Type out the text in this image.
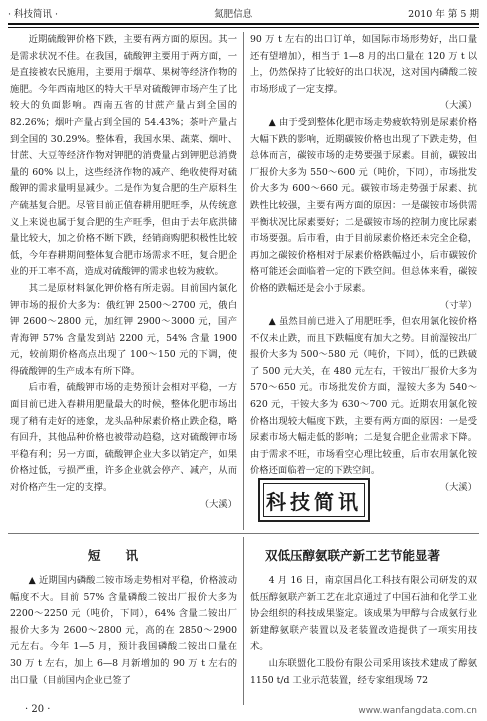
· 科技简讯 ·	氮肥信息	2010 年 第 5 期

近期硫酸钾价格下跌，主要有两方面的原因。其一是需求状况不佳。在我国，硫酸钾主要用于两方面，一是直接被农民施用，主要用于烟草、果树等经济作物的施肥。今年西南地区的特大干旱对硫酸钾市场产生了比较大的负面影响。西南五省的甘蔗产量占到全国的 82.26%；烟叶产量占到全国的 54.43%；茶叶产量占到全国的 30.29%。整体看，我国水果、蔬菜、烟叶、甘蔗、大豆等经济作物对钾肥的消费量占到钾肥总消费量的 60% 以上，这些经济作物的减产、绝收使得对硫酸钾的需求量明显减少。二是作为复合肥的生产原料生产硫基复合肥。尽管目前正值春耕用肥旺季，从传统意义上来说也属于复合肥的生产旺季，但由于去年底洪储量比较大，加之价格不断下跌，经销商购肥积极性比较低，今年春耕期间整体复合肥市场需求不旺，复合肥企业的开工率不高，造成对硫酸钾的需求也较为疲软。

其二是原材料氯化钾价格有所走弱。目前国内氯化钾市场的报价大多为：俄红钾 2500～2700 元，俄白钾 2600～2800 元，加红钾 2900～3000 元，国产青海钾 57% 含量发到站 2200 元，54% 含量 1900 元，较前期价格高点出现了 100～150 元的下调，使得硫酸钾的生产成本有所下降。

后市看，硫酸钾市场的走势预计会相对平稳，一方面目前已进入春耕用肥量最大的时候，整体化肥市场出现了稍有走好的迹象，龙头品种尿素价格止跌企稳，略有回升，其他品种价格也被带动趋稳，这对硫酸钾市场平稳有利；另一方面，硫酸钾企业大多以销定产，如果价格过低，亏损严重，许多企业就会停产、减产，从而对价格产生一定的支撑。

（大溪）

90 万 t 左右的出口订单，如国际市场形势好，出口量还有望增加），相当于 1—8 月的出口量在 120 万 t 以上，仍然保持了比较好的出口状况，这对国内磷酸二铵市场形成了一定支撑。

（大溪）

▲ 由于受到整体化肥市场走势疲软特别是尿素价格大幅下跌的影响，近期碳铵价格也出现了下跌走势，但总体而言，碳铵市场的走势要强于尿素。目前，碳铵出厂报价大多为 550～600 元（吨价，下同），市场批发价大多为 600～660 元。碳铵市场走势强于尿素、抗跌性比较强，主要有两方面的原因：一是碳铵市场供需平衡状况比尿素要好；二是碳铵市场的控制力度比尿素市场要强。后市看，由于目前尿素价格还未完全企稳，再加之碳铵价格相对于尿素价格跌幅过小，后市碳铵价格可能还会面临着一定的下跌空间。但总体来看，碳铵价格的跌幅还是会小于尿素。

（寸苹）

▲ 虽然目前已进入了用肥旺季，但农用氯化铵价格不仅未止跌，而且下跌幅度有加大之势。目前湿铵出厂报价大多为 500～580 元（吨价，下同），低的已跌破了 500 元大关，在 480 元左右，干铵出厂报价大多为 570～650 元。市场批发价方面，湿铵大多为 540～620 元，干铵大多为 630～700 元。近期农用氯化铵价格出现较大幅度下跌，主要有两方面的原因：一是受尿素市场大幅走低的影响；二是复合肥企业需求下降。由于需求不旺，市场看空心理比较重，后市农用氯化铵价格还面临着一定的下跌空间。

（大溪）
科技简讯
短　　讯

▲ 近期国内磷酸二铵市场走势相对平稳，价格波动幅度不大。目前 57% 含量磷酸二铵出厂报价大多为 2200～2250 元（吨价，下同），64% 含量二铵出厂报价大多为 2600～2800 元，高的在 2850～2900 元左右。今年 1—5 月，预计我国磷酸二铵出口量在 30 万 t 左右，加上 6—8 月新增加的 90 万 t 左右的出口量（目前国内企业已签了

双低压醇氨联产新工艺节能显著

4 月 16 日，南京国昌化工科技有限公司研发的双低压醇氨联产新工艺在北京通过了中国石油和化学工业协会组织的科技成果鉴定。该成果为甲醇与合成氨行业新建醇氨联产装置以及老装置改造提供了一项实用技术。

山东联盟化工股份有限公司采用该技术建成了醇氨 1150 t/d 工业示范装置，经专家组现场 72

· 20 ·	www.wanfangdata.com.cn
